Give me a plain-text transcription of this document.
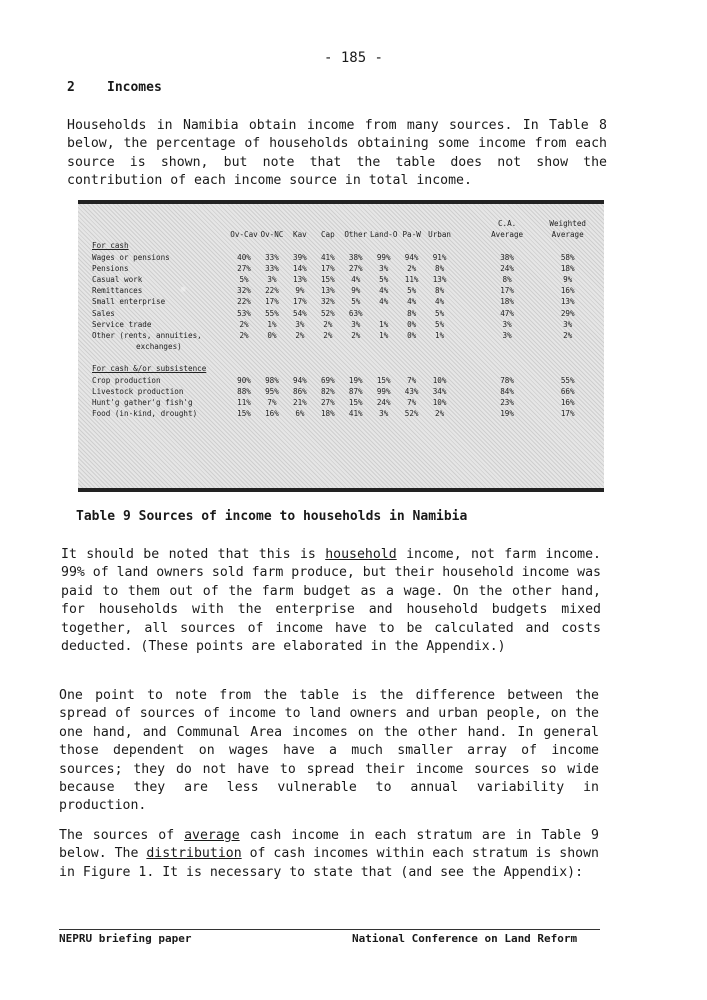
- 185 -
2 Incomes

Households in Namibia obtain income from many sources. In Table 8 below, the percentage of households obtaining some income from each source is shown, but note that the table does not show the contribution of each income source in total income.

										C.A.	Weighted
	Ov-Cav	Ov-NC	Kav	Cap	Other	Land-O	Pa-W	Urban		Average	Average
For cash											
Wages or pensions	40%	33%	39%	41%	38%	99%	94%	91%		38%	58%
Pensions	27%	33%	14%	17%	27%	3%	2%	8%		24%	18%
Casual work	5%	3%	13%	15%	4%	5%	11%	13%		8%	9%
Remittances	32%	22%	9%	13%	9%	4%	5%	8%		17%	16%
Small enterprise	22%	17%	17%	32%	5%	4%	4%	4%		18%	13%
Sales	53%	55%	54%	52%	63%		8%	5%		47%	29%
Service trade	2%	1%	3%	2%	3%	1%	0%	5%		3%	3%
Other (rents, annuities,	2%	0%	2%	2%	2%	1%	0%	1%		3%	2%
exchanges)											

For cash &/or subsistence											
Crop production	90%	98%	94%	69%	19%	15%	7%	10%		78%	55%
Livestock production	88%	95%	86%	82%	87%	99%	43%	34%		84%	66%
Hunt'g gather'g fish'g	11%	7%	21%	27%	15%	24%	7%	10%		23%	16%
Food (in-kind, drought)	15%	16%	6%	18%	41%	3%	52%	2%		19%	17%
Table 9 Sources of income to households in Namibia

It should be noted that this is household income, not farm income. 99% of land owners sold farm produce, but their household income was paid to them out of the farm budget as a wage. On the other hand, for households with the enterprise and household budgets mixed together, all sources of income have to be calculated and costs deducted. (These points are elaborated in the Appendix.)

One point to note from the table is the difference between the spread of sources of income to land owners and urban people, on the one hand, and Communal Area incomes on the other hand. In general those dependent on wages have a much smaller array of income sources; they do not have to spread their income sources so wide because they are less vulnerable to annual variability in production.

The sources of average cash income in each stratum are in Table 9 below. The distribution of cash incomes within each stratum is shown in Figure 1. It is necessary to state that (and see the Appendix):

NEPRU briefing paper	National Conference on Land Reform
